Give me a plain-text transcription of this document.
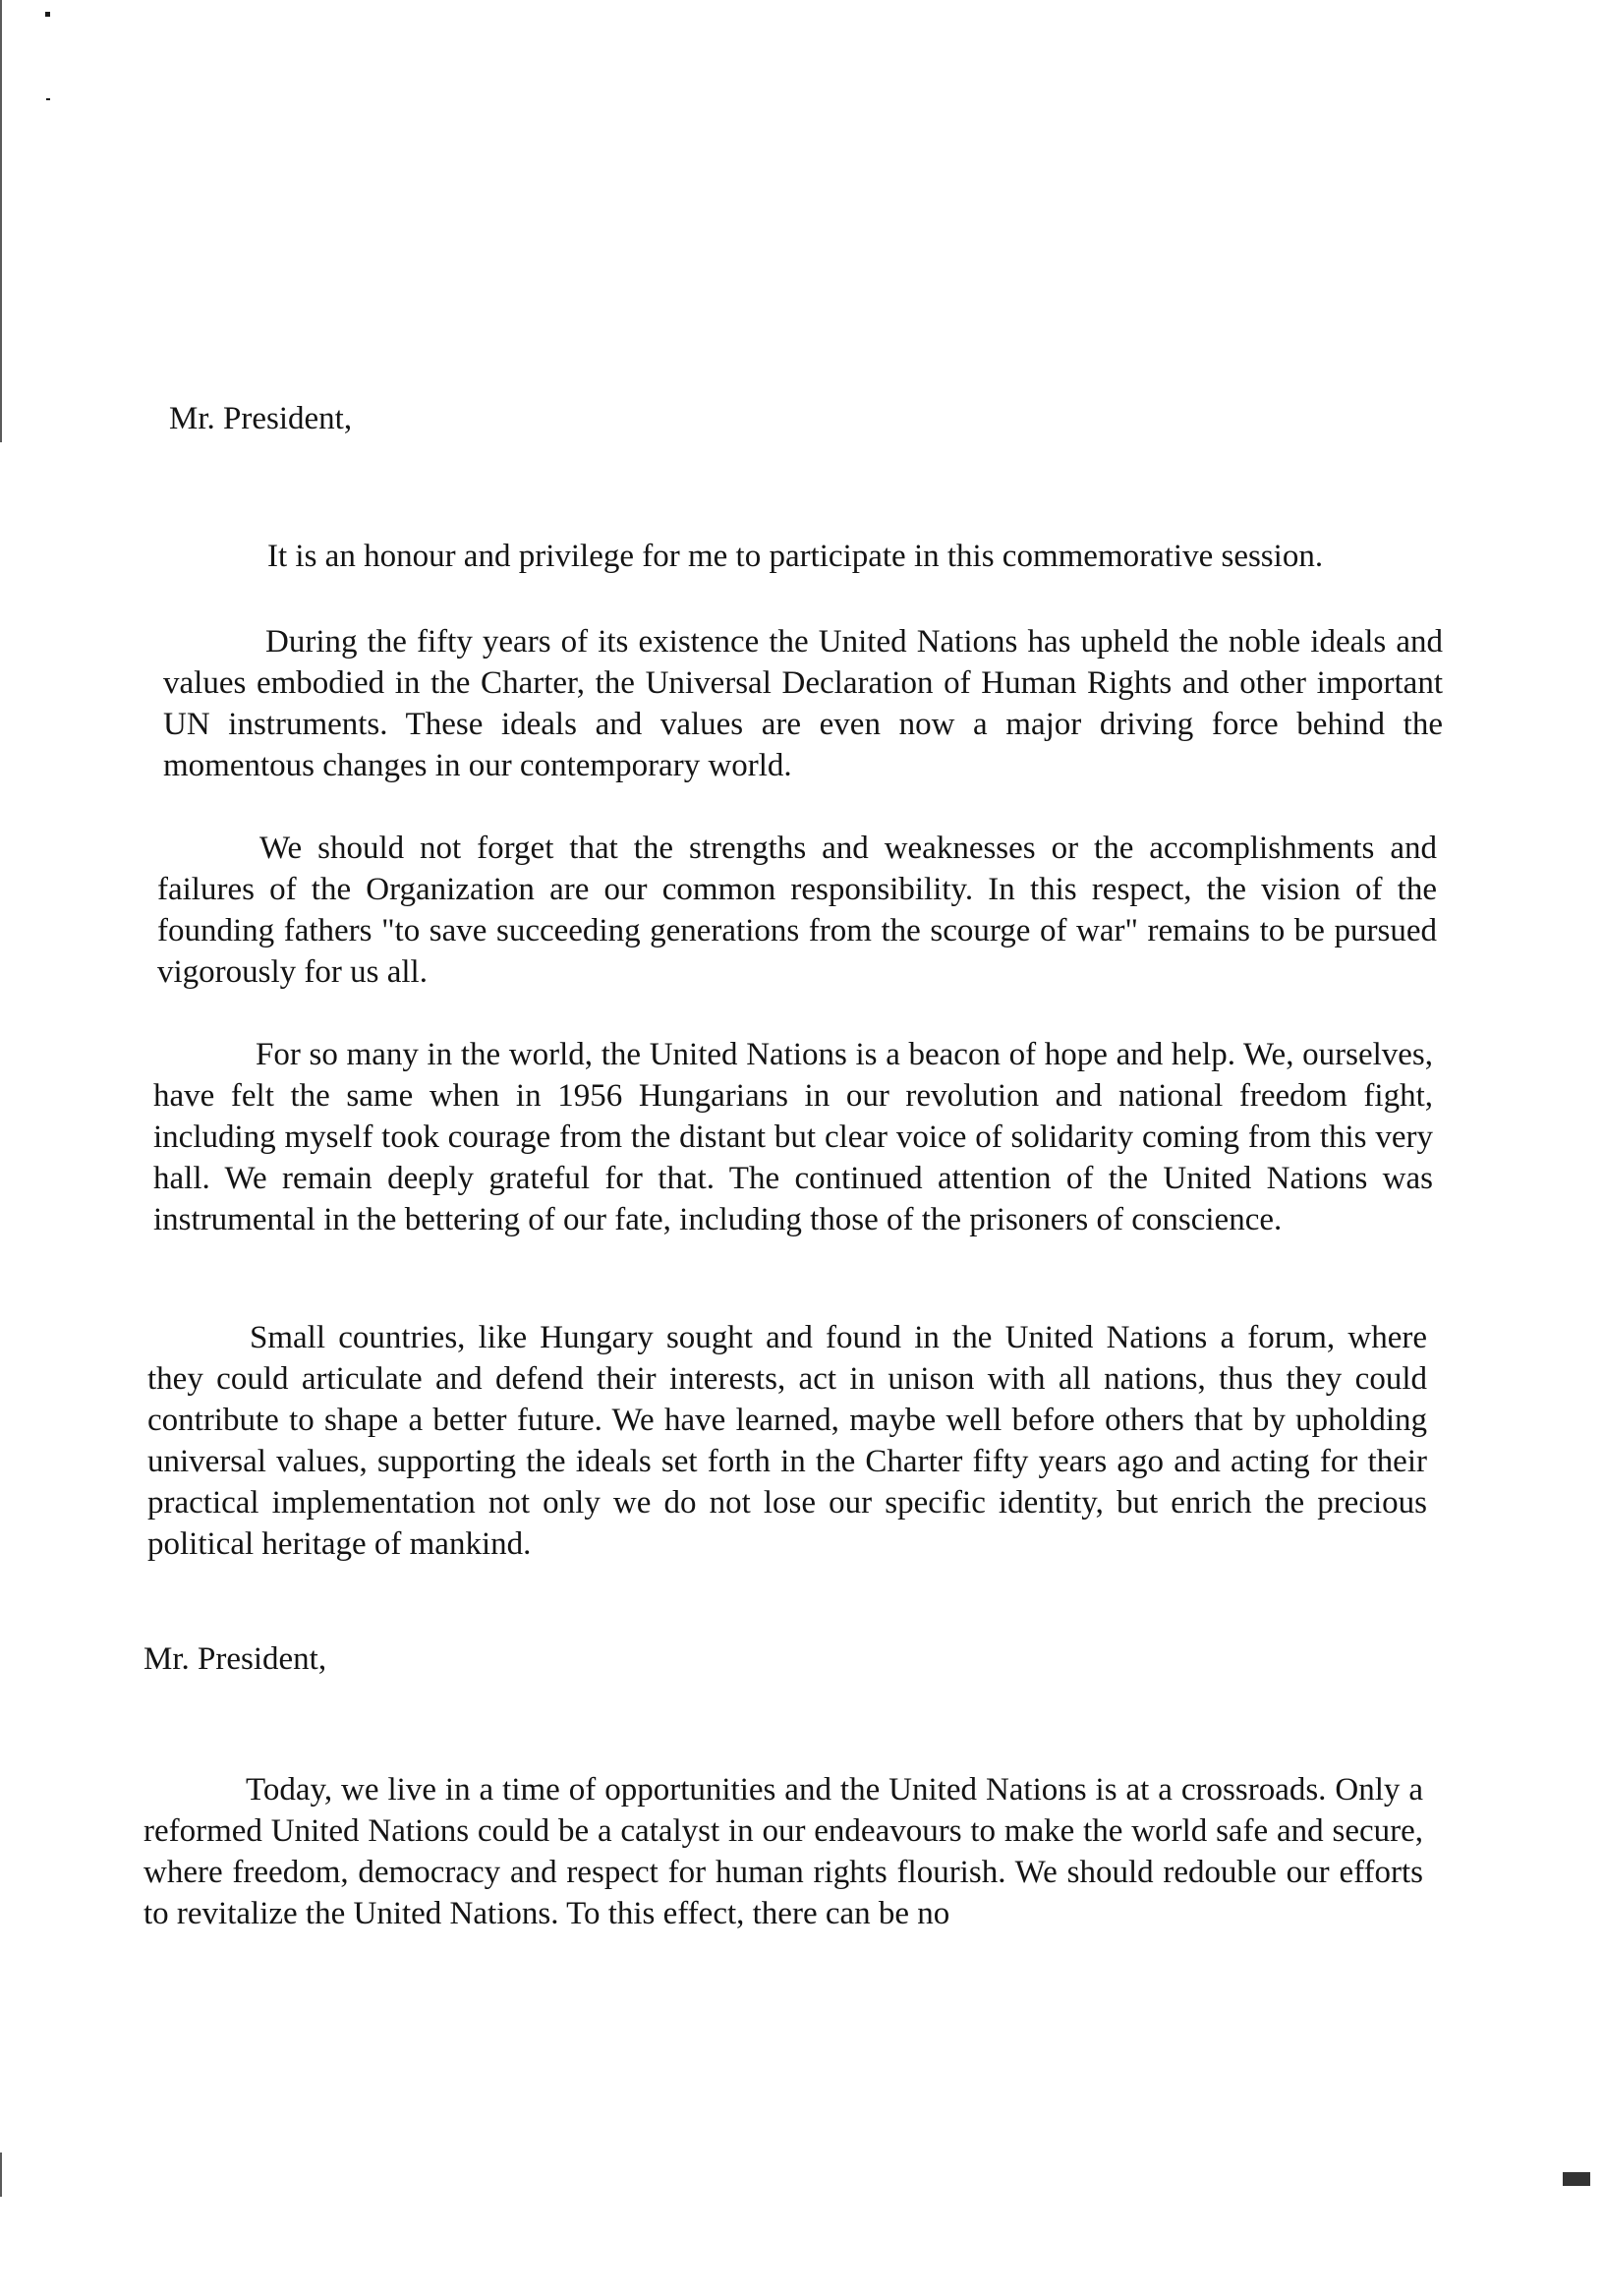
Mr. President,

It is an honour and privilege for me to participate in this commemorative session.

During the fifty years of its existence the United Nations has upheld the noble ideals and values embodied in the Charter, the Universal Declaration of Human Rights and other important UN instruments. These ideals and values are even now a major driving force behind the momentous changes in our contemporary world.

We should not forget that the strengths and weaknesses or the accomplishments and failures of the Organization are our common responsibility. In this respect, the vision of the founding fathers "to save succeeding generations from the scourge of war" remains to be pursued vigorously for us all.

For so many in the world, the United Nations is a beacon of hope and help. We, ourselves, have felt the same when in 1956 Hungarians in our revolution and national freedom fight, including myself took courage from the distant but clear voice of solidarity coming from this very hall. We remain deeply grateful for that. The continued attention of the United Nations was instrumental in the bettering of our fate, including those of the prisoners of conscience.

Small countries, like Hungary sought and found in the United Nations a forum, where they could articulate and defend their interests, act in unison with all nations, thus they could contribute to shape a better future. We have learned, maybe well before others that by upholding universal values, supporting the ideals set forth in the Charter fifty years ago and acting for their practical implementation not only we do not lose our specific identity, but enrich the precious political heritage of mankind.

Mr. President,

Today, we live in a time of opportunities and the United Nations is at a crossroads. Only a reformed United Nations could be a catalyst in our endeavours to make the world safe and secure, where freedom, democracy and respect for human rights flourish. We should redouble our efforts to revitalize the United Nations. To this effect, there can be no
